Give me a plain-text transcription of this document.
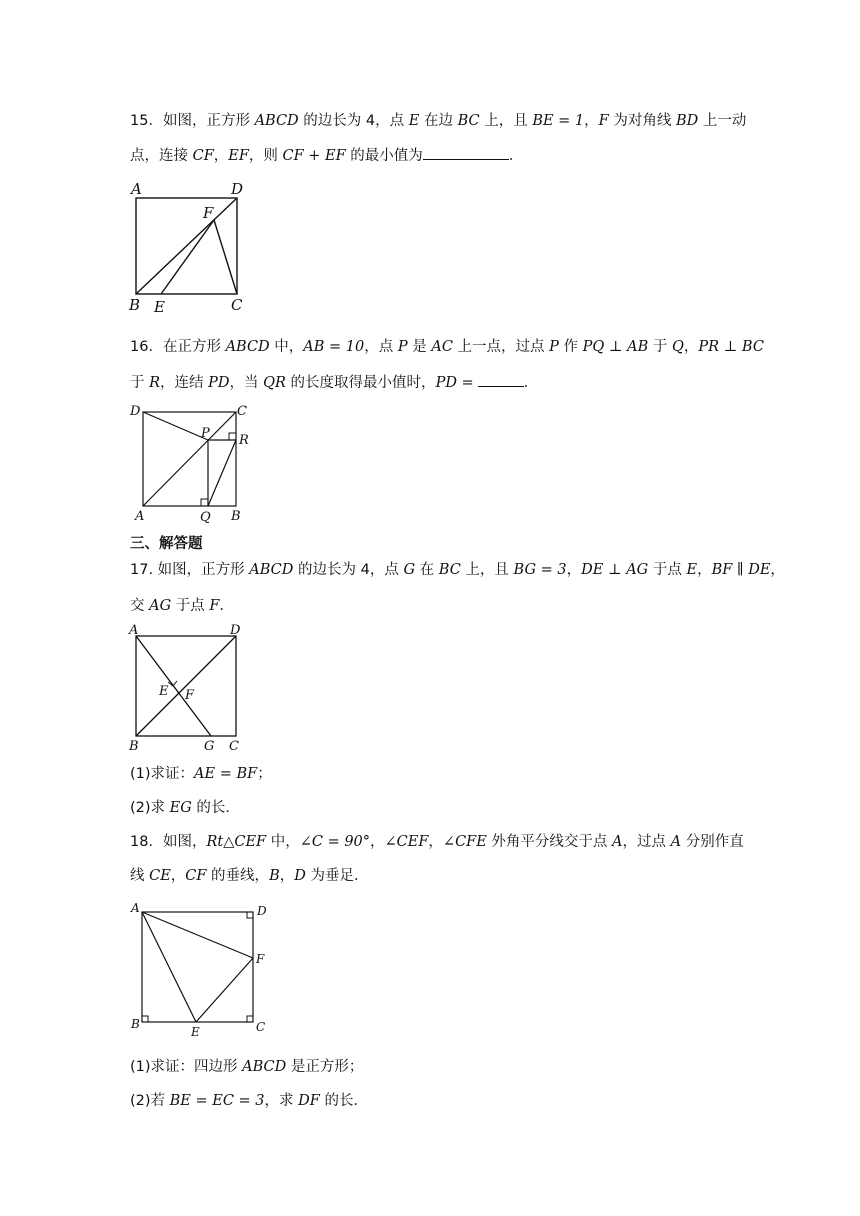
15．如图，正方形 ABCD 的边长为 4，点 E 在边 BC 上，且 BE = 1，F 为对角线 BD 上一动

点，连接 CF，EF，则 CF + EF 的最小值为	．

A	D
F
B E	C

16．在正方形 ABCD 中，AB = 10，点 P 是 AC 上一点，过点 P 作 PQ ⊥ AB 于 Q，PR ⊥ BC

于 R，连结 PD，当 QR 的长度取得最小值时，PD =	．

D	C
P R
A	Q B

三、解答题

17. 如图，正方形 ABCD 的边长为 4，点 G 在 BC 上，且 BG = 3，DE ⊥ AG 于点 E，BF ∥ DE，

交 AG 于点 F．

A	D
E F
B	G C

(1)求证：AE = BF；

(2)求 EG 的长．

18．如图，Rt△CEF 中，∠C = 90°，∠CEF，∠CFE 外角平分线交于点 A，过点 A 分别作直

线 CE，CF 的垂线，B，D 为垂足．

A	D
F
B
E	C

(1)求证：四边形 ABCD 是正方形；

(2)若 BE = EC = 3，求 DF 的长．
